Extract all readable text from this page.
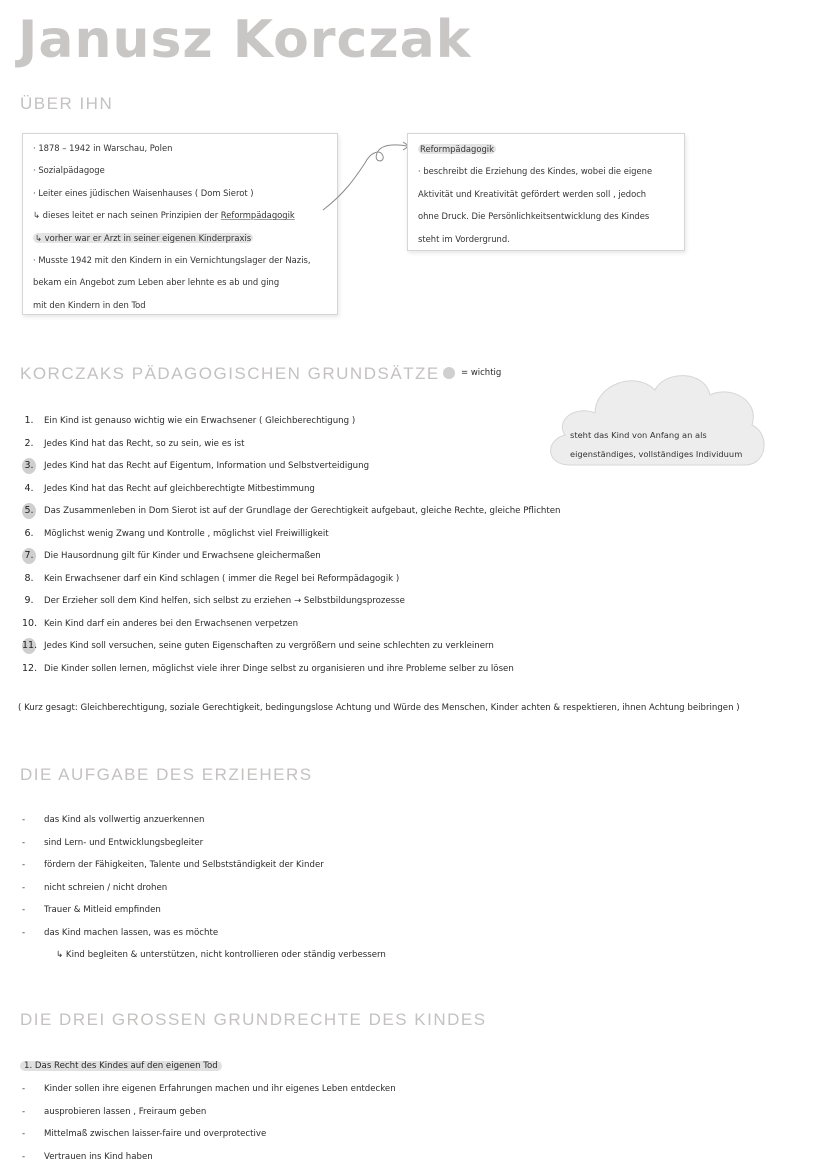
Janusz Korczak
ÜBER IHN
· 1878 – 1942 in Warschau, Polen
· Sozialpädagoge
· Leiter eines jüdischen Waisenhauses ( Dom Sierot )
↳ dieses leitet er nach seinen Prinzipien der Reformpädagogik
↳ vorher war er Arzt in seiner eigenen Kinderpraxis
· Musste 1942 mit den Kindern in ein Vernichtungslager der Nazis,
bekam ein Angebot zum Leben aber lehnte es ab und ging
mit den Kindern in den Tod
Reformpädagogik
· beschreibt die Erziehung des Kindes, wobei die eigene
Aktivität und Kreativität gefördert werden soll , jedoch
ohne Druck. Die Persönlichkeitsentwicklung des Kindes
steht im Vordergrund.
KORCZAKS PÄDAGOGISCHEN GRUNDSÄTZE = wichtig
steht das Kind von Anfang an als
eigenständiges, vollständiges Individuum
1. Ein Kind ist genauso wichtig wie ein Erwachsener ( Gleichberechtigung )
2. Jedes Kind hat das Recht, so zu sein, wie es ist
3. Jedes Kind hat das Recht auf Eigentum, Information und Selbstverteidigung
4. Jedes Kind hat das Recht auf gleichberechtigte Mitbestimmung
5. Das Zusammenleben in Dom Sierot ist auf der Grundlage der Gerechtigkeit aufgebaut, gleiche Rechte, gleiche Pflichten
6. Möglichst wenig Zwang und Kontrolle , möglichst viel Freiwilligkeit
7. Die Hausordnung gilt für Kinder und Erwachsene gleichermaßen
8. Kein Erwachsener darf ein Kind schlagen ( immer die Regel bei Reformpädagogik )
9. Der Erzieher soll dem Kind helfen, sich selbst zu erziehen → Selbstbildungsprozesse
10. Kein Kind darf ein anderes bei den Erwachsenen verpetzen
11. Jedes Kind soll versuchen, seine guten Eigenschaften zu vergrößern und seine schlechten zu verkleinern
12. Die Kinder sollen lernen, möglichst viele ihrer Dinge selbst zu organisieren und ihre Probleme selber zu lösen
( Kurz gesagt: Gleichberechtigung, soziale Gerechtigkeit, bedingungslose Achtung und Würde des Menschen, Kinder achten & respektieren, ihnen Achtung beibringen )
DIE AUFGABE DES ERZIEHERS
- das Kind als vollwertig anzuerkennen
- sind Lern- und Entwicklungsbegleiter
- fördern der Fähigkeiten, Talente und Selbstständigkeit der Kinder
- nicht schreien / nicht drohen
- Trauer & Mitleid empfinden
- das Kind machen lassen, was es möchte
↳ Kind begleiten & unterstützen, nicht kontrollieren oder ständig verbessern
DIE DREI GROSSEN GRUNDRECHTE DES KINDES
1. Das Recht des Kindes auf den eigenen Tod
- Kinder sollen ihre eigenen Erfahrungen machen und ihr eigenes Leben entdecken
- ausprobieren lassen , Freiraum geben
- Mittelmaß zwischen laisser-faire und overprotective
- Vertrauen ins Kind haben
